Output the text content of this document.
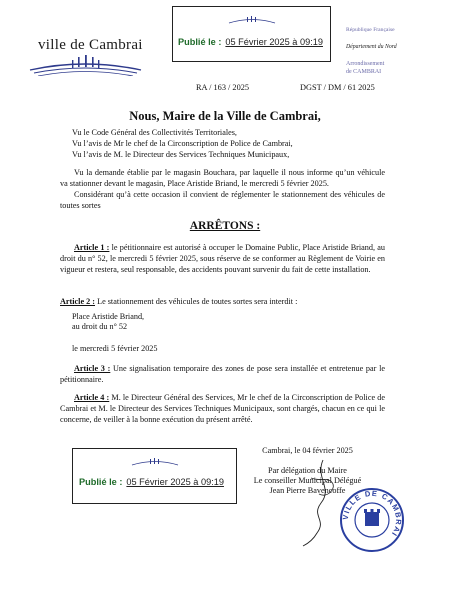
ville de Cambrai	Publié le : 05 Février 2025 à 09:19
République Française
Département du Nord
Arrondissement
de CAMBRAI
RA / 163 / 2025	DGST / DM / 61 2025
Nous, Maire de la Ville de Cambrai,
Vu le Code Général des Collectivités Territoriales,
Vu l’avis de Mr le chef de la Circonscription de Police de Cambrai,
Vu l’avis de M. le Directeur des Services Techniques Municipaux,
Vu la demande établie par le magasin Bouchara, par laquelle il nous informe qu’un véhicule va stationner devant le magasin, Place Aristide Briand, le mercredi 5 février 2025.
Considérant qu’à cette occasion il convient de réglementer le stationnement des véhicules de toutes sortes
ARRÊTONS :
Article 1 : le pétitionnaire est autorisé à occuper le Domaine Public, Place Aristide Briand, au droit du n° 52, le mercredi 5 février 2025, sous réserve de se conformer au Règlement de Voirie en vigueur et restera, seul responsable, des accidents pouvant survenir du fait de cette installation.
Article 2 : Le stationnement des véhicules de toutes sortes sera interdit :
Place Aristide Briand,
au droit du n° 52
le mercredi 5 février 2025
Article 3 : Une signalisation temporaire des zones de pose sera installée et entretenue par le pétitionnaire.
Article 4 : M. le Directeur Général des Services, Mr le chef de la Circonscription de Police de Cambrai et M. le Directeur des Services Techniques Municipaux, sont chargés, chacun en ce qui le concerne, de veiller à la bonne exécution du présent arrêté.
Cambrai, le 04 février 2025
Par délégation du Maire
Le conseiller Municipal Délégué
Jean Pierre Bavencoffe
VILLE DE CAMBRAI
Publié le : 05 Février 2025 à 09:19
